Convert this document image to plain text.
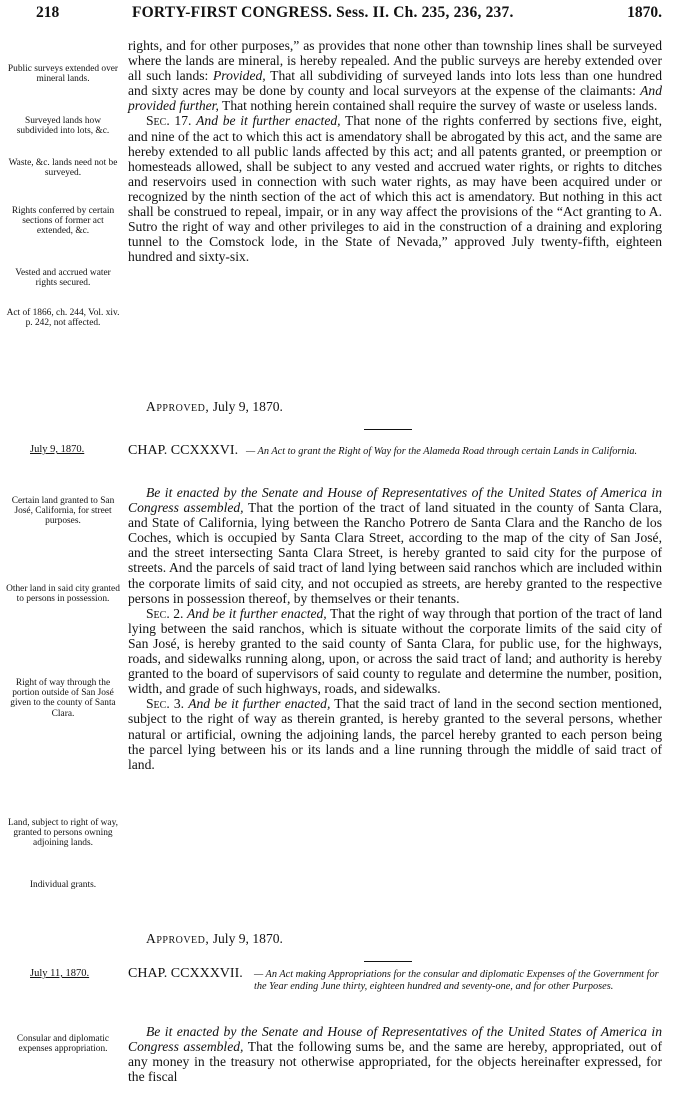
218	FORTY-FIRST CONGRESS. Sess. II. Ch. 235, 236, 237.	1870.
Public surveys extended over mineral lands.
Surveyed lands how subdivided into lots, &c.
Waste, &c. lands need not be surveyed.
Rights conferred by certain sections of former act extended, &c.
Vested and accrued water rights secured.
Act of 1866, ch. 244, Vol. xiv. p. 242, not affected.

rights, and for other purposes,” as provides that none other than township lines shall be surveyed where the lands are mineral, is hereby repealed. And the public surveys are hereby extended over all such lands: Provided, That all subdividing of surveyed lands into lots less than one hundred and sixty acres may be done by county and local surveyors at the expense of the claimants: And provided further, That nothing herein contained shall require the survey of waste or useless lands.

Sec. 17. And be it further enacted, That none of the rights conferred by sections five, eight, and nine of the act to which this act is amendatory shall be abrogated by this act, and the same are hereby extended to all public lands affected by this act; and all patents granted, or preemption or homesteads allowed, shall be subject to any vested and accrued water rights, or rights to ditches and reservoirs used in connection with such water rights, as may have been acquired under or recognized by the ninth section of the act of which this act is amendatory. But nothing in this act shall be construed to repeal, impair, or in any way affect the provisions of the “Act granting to A. Sutro the right of way and other privileges to aid in the construction of a draining and exploring tunnel to the Comstock lode, in the State of Nevada,” approved July twenty-fifth, eighteen hundred and sixty-six.

Approved, July 9, 1870.
July 9, 1870.	CHAP. CCXXXVI. — An Act to grant the Right of Way for the Alameda Road through certain Lands in California.
Certain land granted to San José, California, for street purposes.
Other land in said city granted to persons in possession.
Right of way through the portion outside of San José given to the county of Santa Clara.
Land, subject to right of way, granted to persons owning adjoining lands.
Individual grants.

Be it enacted by the Senate and House of Representatives of the United States of America in Congress assembled, That the portion of the tract of land situated in the county of Santa Clara, and State of California, lying between the Rancho Potrero de Santa Clara and the Rancho de los Coches, which is occupied by Santa Clara Street, according to the map of the city of San José, and the street intersecting Santa Clara Street, is hereby granted to said city for the purpose of streets. And the parcels of said tract of land lying between said ranchos which are included within the corporate limits of said city, and not occupied as streets, are hereby granted to the respective persons in possession thereof, by themselves or their tenants.

Sec. 2. And be it further enacted, That the right of way through that portion of the tract of land lying between the said ranchos, which is situate without the corporate limits of the said city of San José, is hereby granted to the said county of Santa Clara, for public use, for the highways, roads, and sidewalks running along, upon, or across the said tract of land; and authority is hereby granted to the board of supervisors of said county to regulate and determine the number, position, width, and grade of such highways, roads, and sidewalks.

Sec. 3. And be it further enacted, That the said tract of land in the second section mentioned, subject to the right of way as therein granted, is hereby granted to the several persons, whether natural or artificial, owning the adjoining lands, the parcel hereby granted to each person being the parcel lying between his or its lands and a line running through the middle of said tract of land.

Approved, July 9, 1870.
July 11, 1870.	CHAP. CCXXXVII.	— An Act making Appropriations for the consular and diplomatic Expenses of the Government for the Year ending June thirty, eighteen hundred and seventy-one, and for other Purposes.
Consular and diplomatic expenses appropriation.

Be it enacted by the Senate and House of Representatives of the United States of America in Congress assembled, That the following sums be, and the same are hereby, appropriated, out of any money in the treasury not otherwise appropriated, for the objects hereinafter expressed, for the fiscal
